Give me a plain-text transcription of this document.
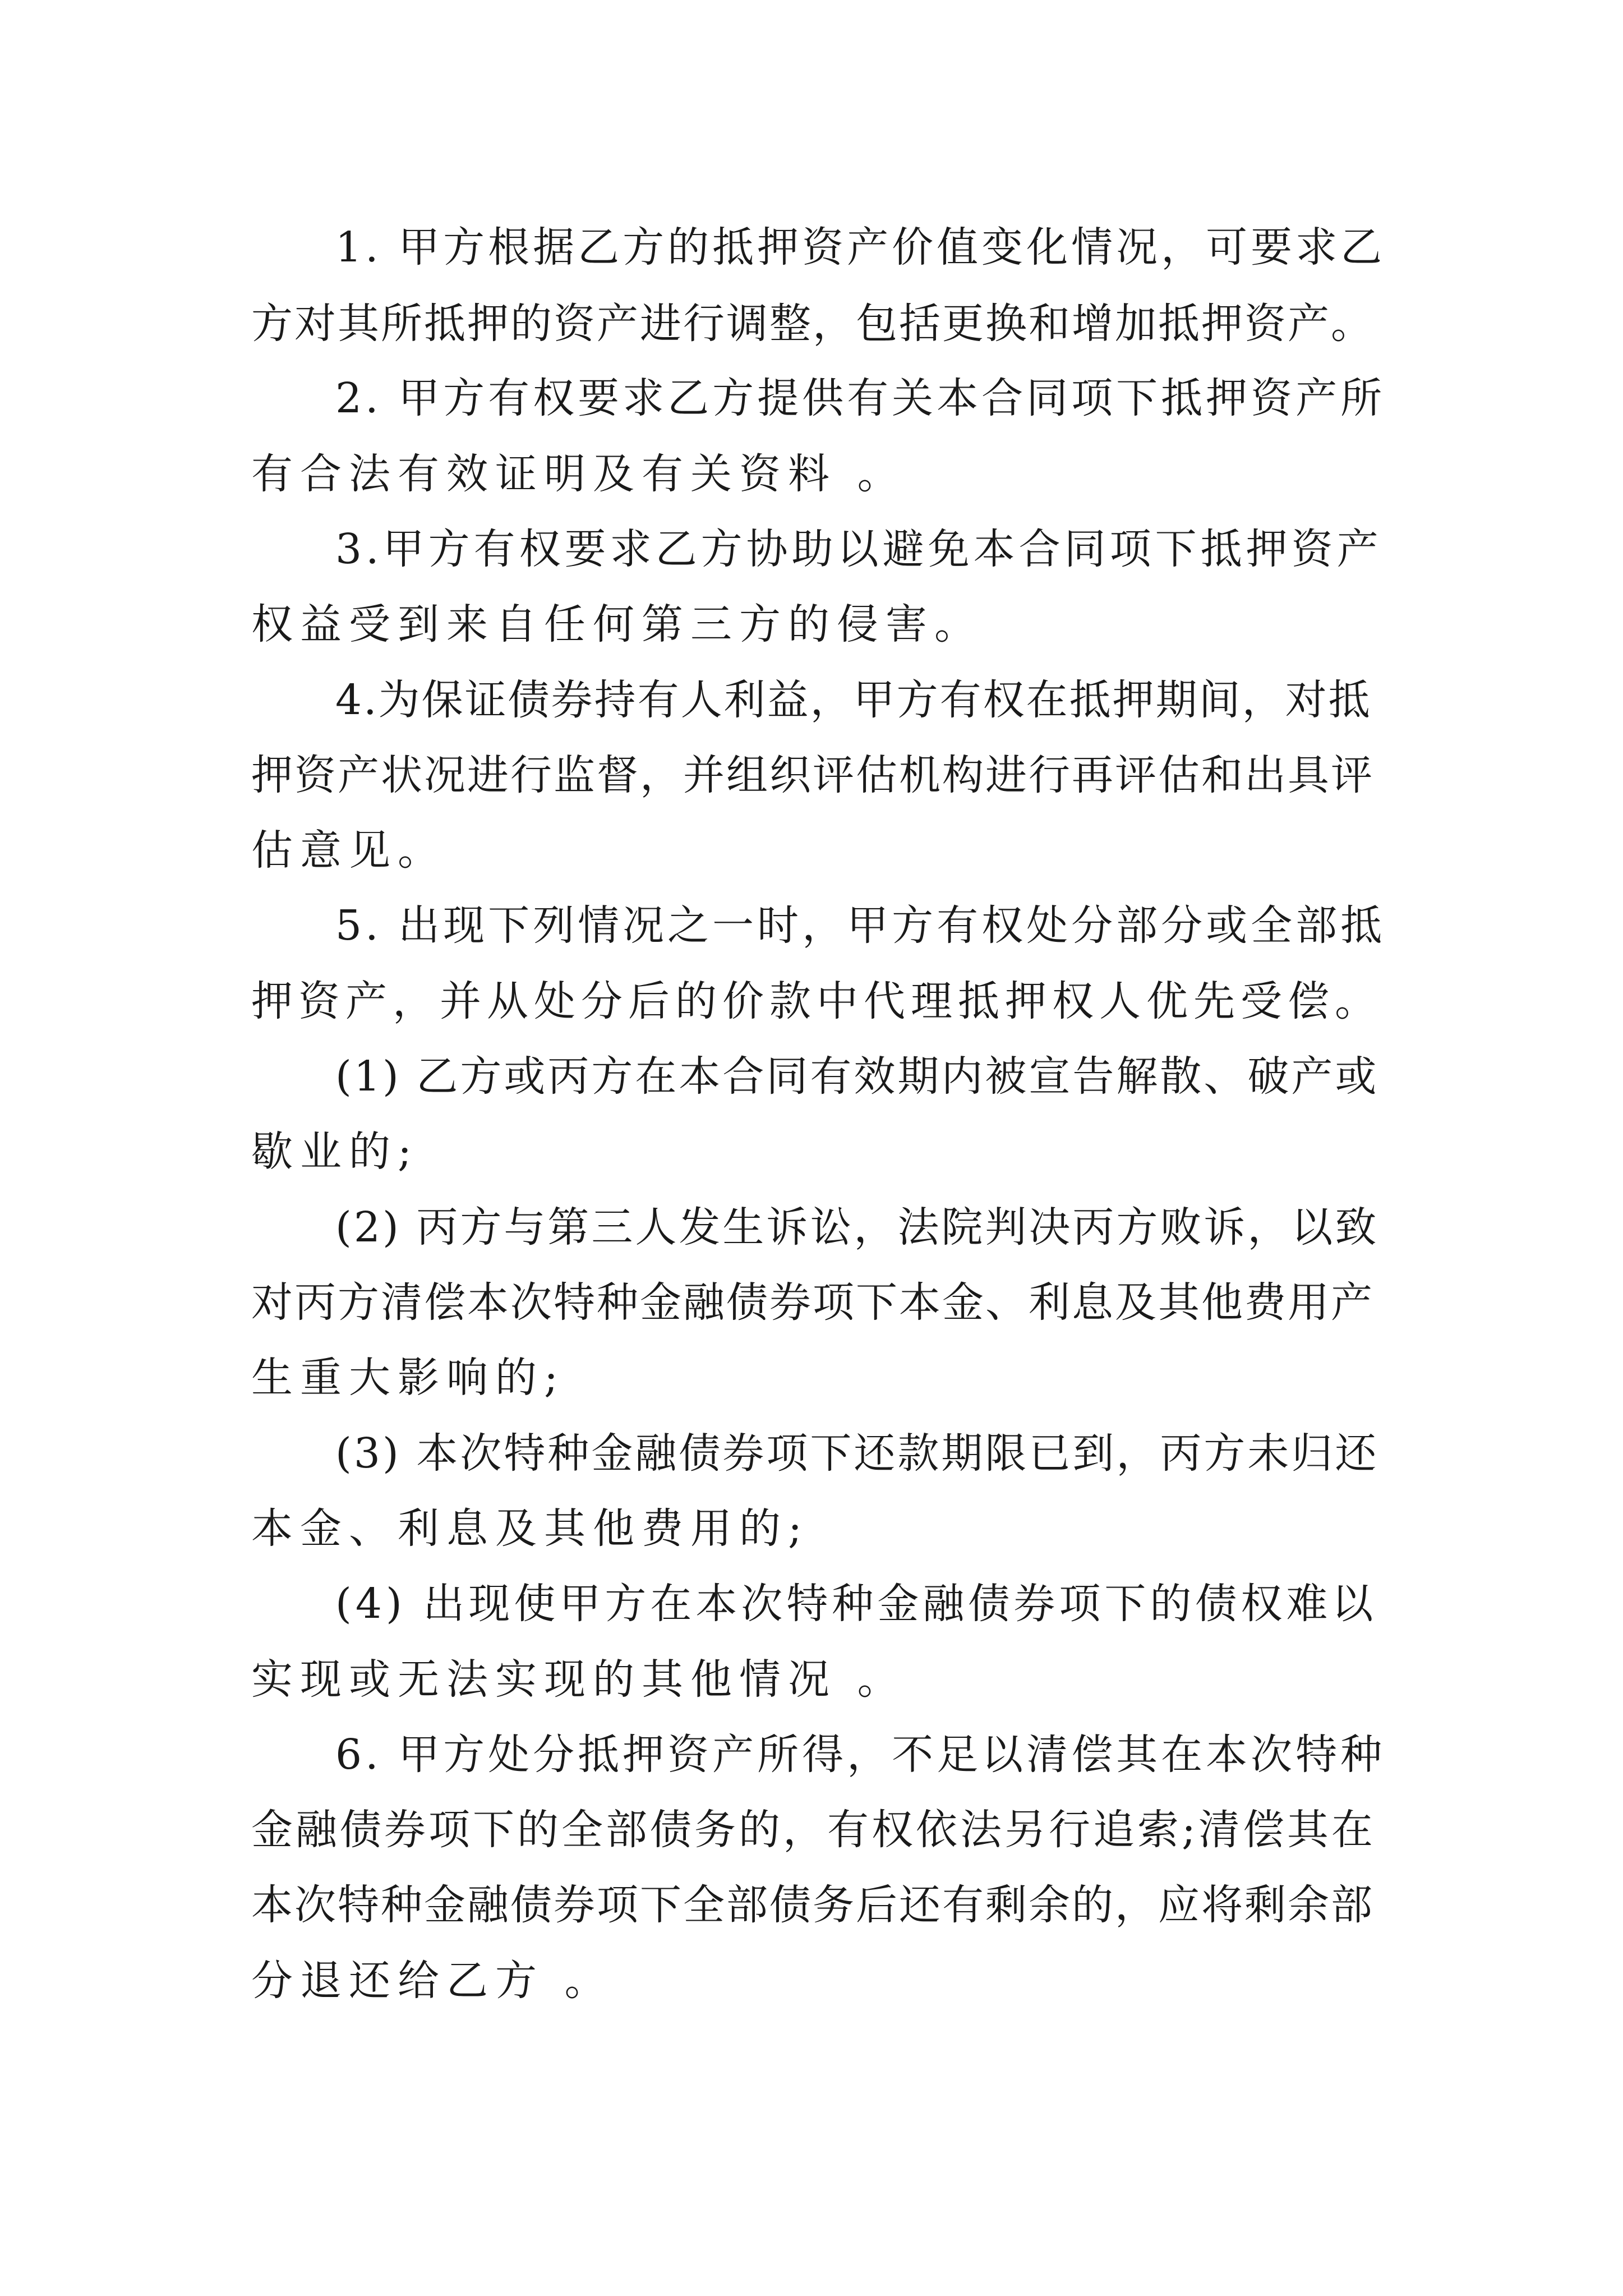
1. 甲方根据乙方的抵押资产价值变化情况，可要求乙
方对其所抵押的资产进行调整，包括更换和增加抵押资产。
2. 甲方有权要求乙方提供有关本合同项下抵押资产所
有合法有效证明及有关资料 。
3.甲方有权要求乙方协助以避免本合同项下抵押资产
权益受到来自任何第三方的侵害。
4.为保证债券持有人利益，甲方有权在抵押期间，对抵
押资产状况进行监督，并组织评估机构进行再评估和出具评
估意见。
5. 出现下列情况之一时，甲方有权处分部分或全部抵
押资产，并从处分后的价款中代理抵押权人优先受偿。
(1) 乙方或丙方在本合同有效期内被宣告解散、破产或
歇业的;
(2) 丙方与第三人发生诉讼，法院判决丙方败诉，以致
对丙方清偿本次特种金融债券项下本金、利息及其他费用产
生重大影响的;
(3) 本次特种金融债券项下还款期限已到，丙方未归还
本金、利息及其他费用的;
(4) 出现使甲方在本次特种金融债券项下的债权难以
实现或无法实现的其他情况 。
6. 甲方处分抵押资产所得，不足以清偿其在本次特种
金融债券项下的全部债务的，有权依法另行追索;清偿其在
本次特种金融债券项下全部债务后还有剩余的，应将剩余部
分退还给乙方 。
